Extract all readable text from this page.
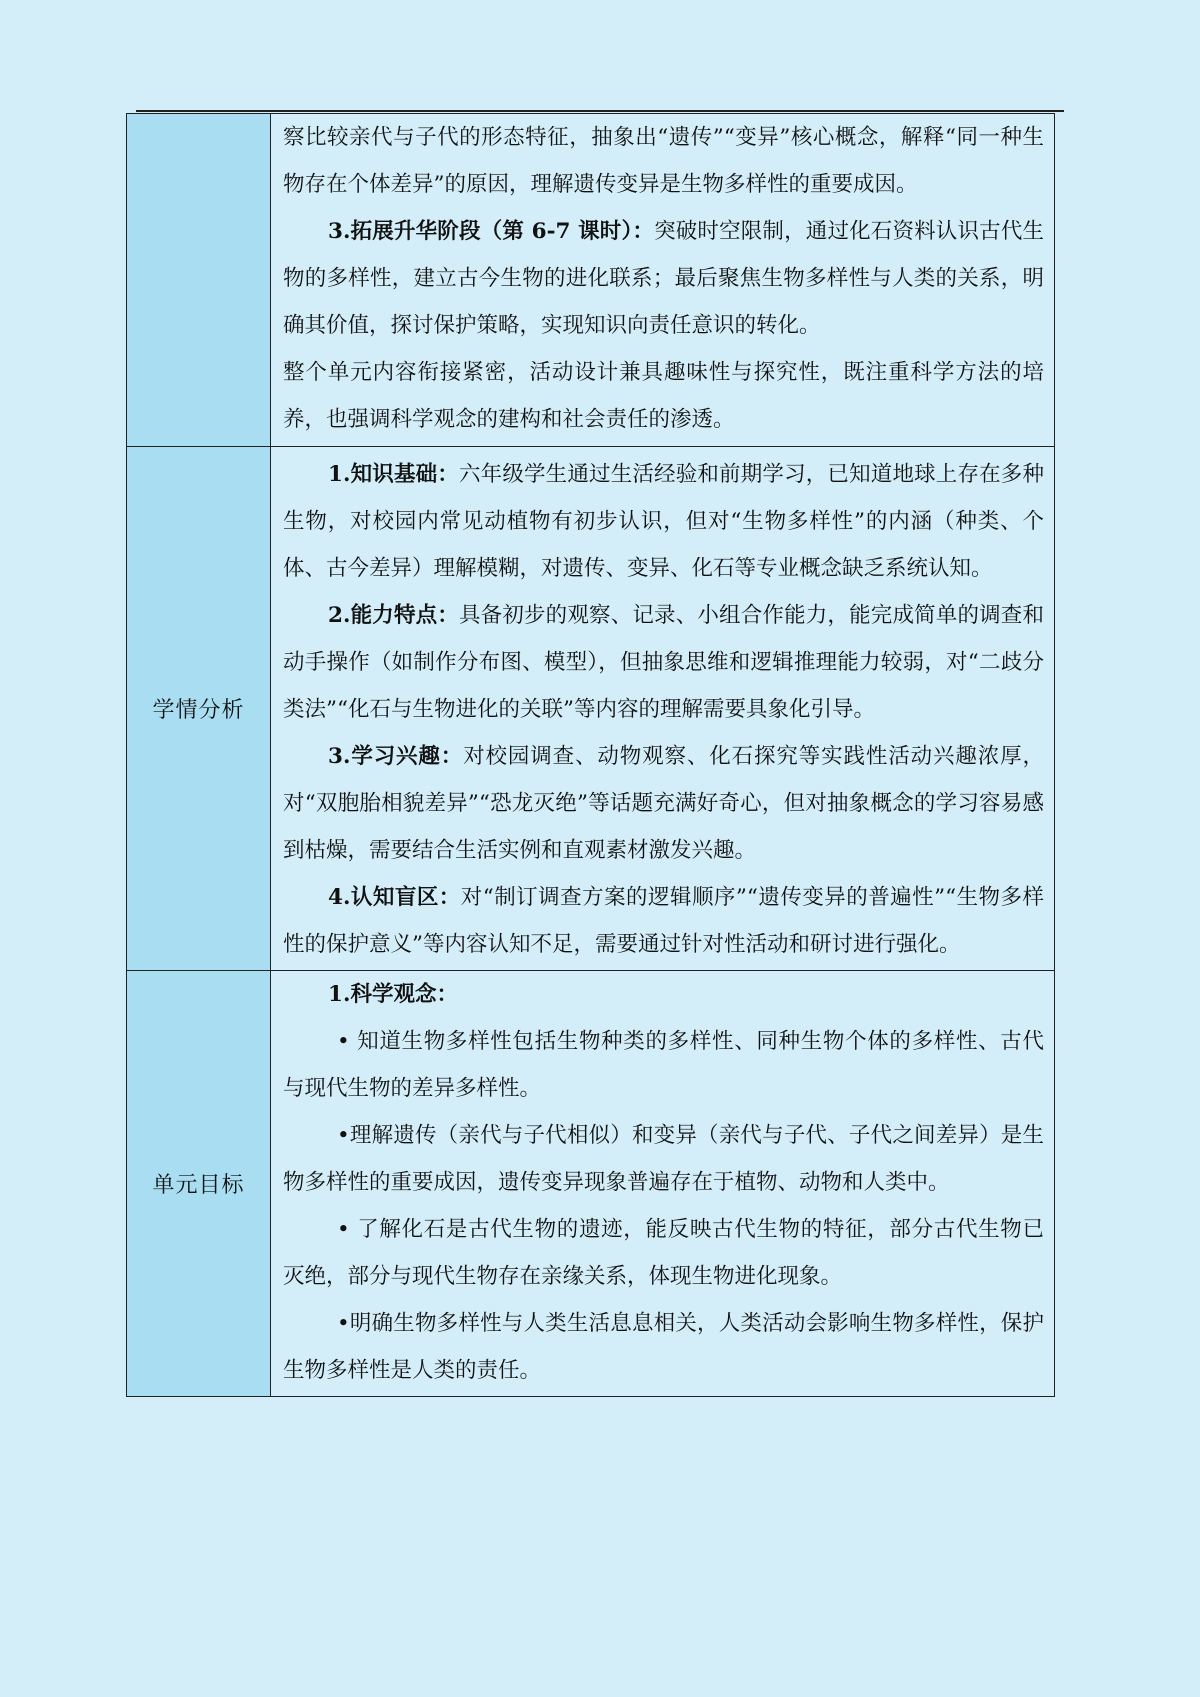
	察比较亲代与子代的形态特征，抽象出“遗传”“变异”核心概念，解释“同一种生物存在个体差异”的原因，理解遗传变异是生物多样性的重要成因。

3.拓展升华阶段（第 6-7 课时）：突破时空限制，通过化石资料认识古代生物的多样性，建立古今生物的进化联系；最后聚焦生物多样性与人类的关系，明确其价值，探讨保护策略，实现知识向责任意识的转化。

整个单元内容衔接紧密，活动设计兼具趣味性与探究性，既注重科学方法的培养，也强调科学观念的建构和社会责任的渗透。

学情分析	1.知识基础：六年级学生通过生活经验和前期学习，已知道地球上存在多种生物，对校园内常见动植物有初步认识，但对“生物多样性”的内涵（种类、个体、古今差异）理解模糊，对遗传、变异、化石等专业概念缺乏系统认知。

2.能力特点：具备初步的观察、记录、小组合作能力，能完成简单的调查和动手操作（如制作分布图、模型），但抽象思维和逻辑推理能力较弱，对“二歧分类法”“化石与生物进化的关联”等内容的理解需要具象化引导。

3.学习兴趣：对校园调查、动物观察、化石探究等实践性活动兴趣浓厚，对“双胞胎相貌差异”“恐龙灭绝”等话题充满好奇心，但对抽象概念的学习容易感到枯燥，需要结合生活实例和直观素材激发兴趣。

4.认知盲区：对“制订调查方案的逻辑顺序”“遗传变异的普遍性”“生物多样性的保护意义”等内容认知不足，需要通过针对性活动和研讨进行强化。

单元目标	1.科学观念：

• 知道生物多样性包括生物种类的多样性、同种生物个体的多样性、古代与现代生物的差异多样性。

•理解遗传（亲代与子代相似）和变异（亲代与子代、子代之间差异）是生物多样性的重要成因，遗传变异现象普遍存在于植物、动物和人类中。

• 了解化石是古代生物的遗迹，能反映古代生物的特征，部分古代生物已灭绝，部分与现代生物存在亲缘关系，体现生物进化现象。

•明确生物多样性与人类生活息息相关，人类活动会影响生物多样性，保护生物多样性是人类的责任。
